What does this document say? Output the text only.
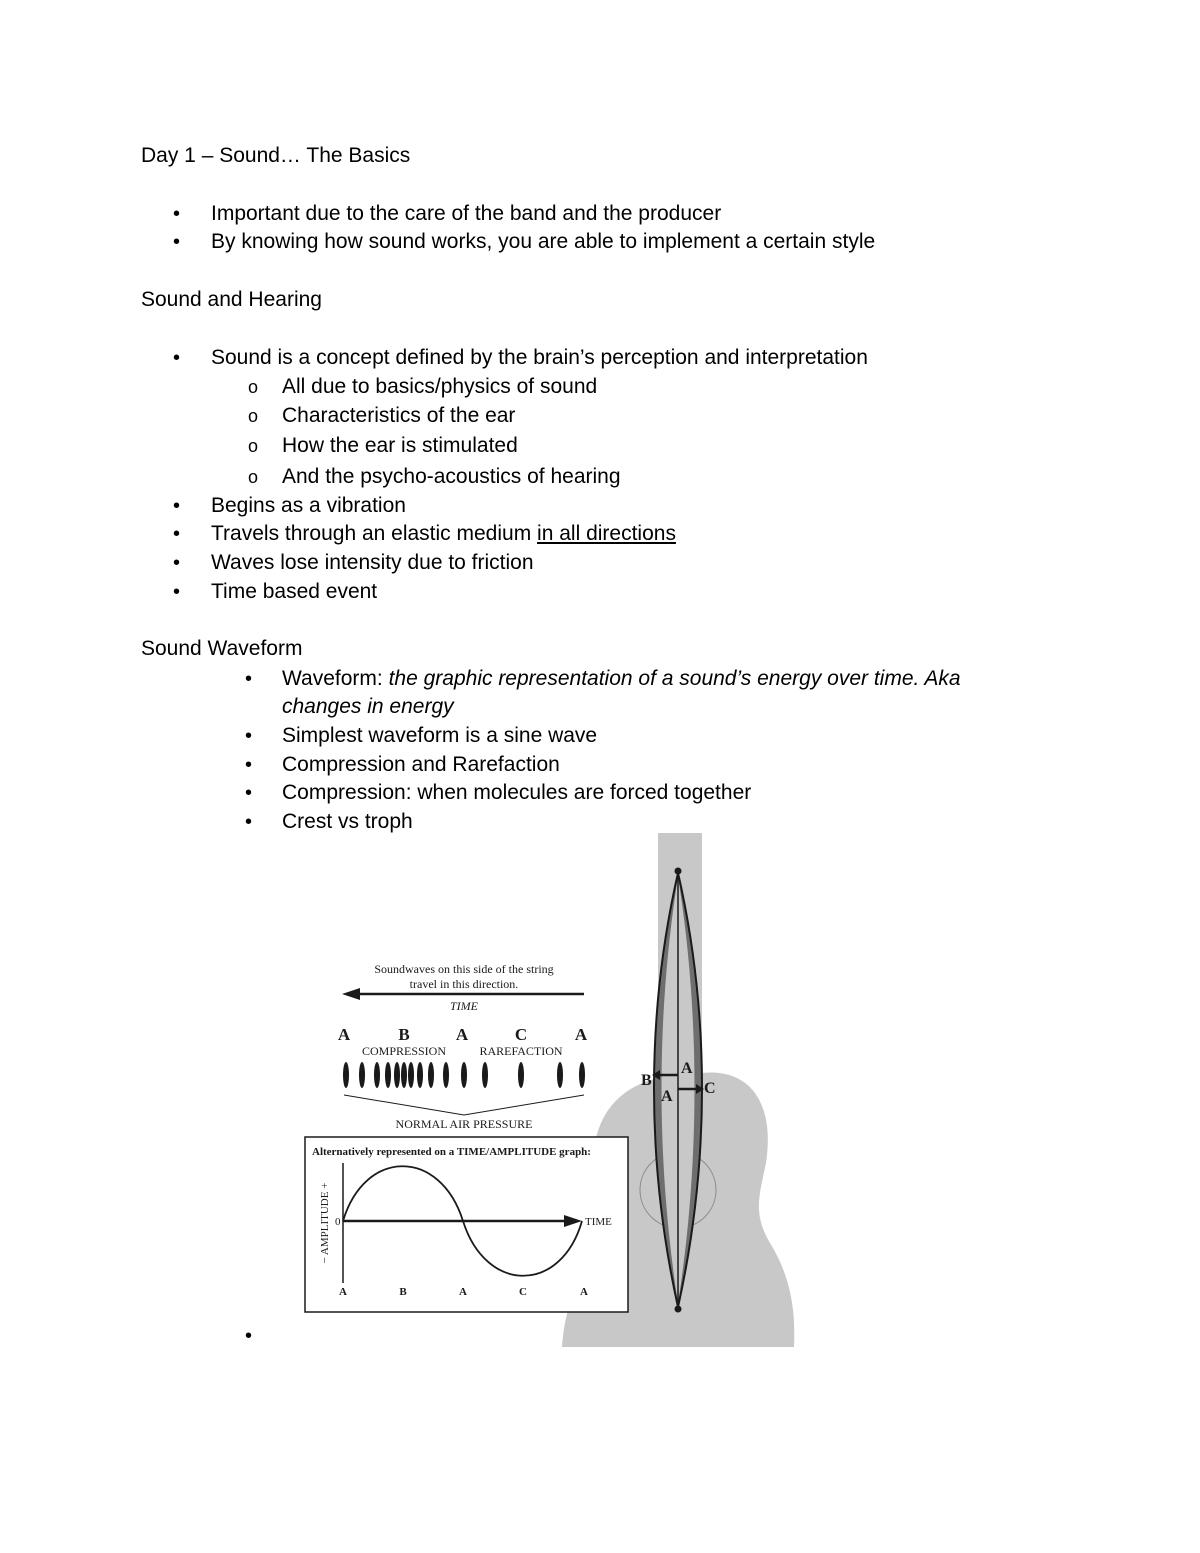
Day 1 – Sound… The Basics
• Important due to the care of the band and the producer
• By knowing how sound works, you are able to implement a certain style
Sound and Hearing
• Sound is a concept defined by the brain’s perception and interpretation
o All due to basics/physics of sound
o Characteristics of the ear
o How the ear is stimulated
o And the psycho-acoustics of hearing
• Begins as a vibration
• Travels through an elastic medium in all directions
• Waves lose intensity due to friction
• Time based event
Sound Waveform
• Waveform: the graphic representation of a sound’s energy over time. Aka
changes in energy
• Simplest waveform is a sine wave
• Compression and Rarefaction
• Compression: when molecules are forced together
• Crest vs troph
•
B
A
A C
Soundwaves on this side of the string
travel in this direction.
TIME
A	B	A	C	A
COMPRESSION	RAREFACTION
NORMAL AIR PRESSURE
Alternatively represented on a TIME/AMPLITUDE graph:
− AMPLITUDE + 0	TIME
A	B	A	C	A
